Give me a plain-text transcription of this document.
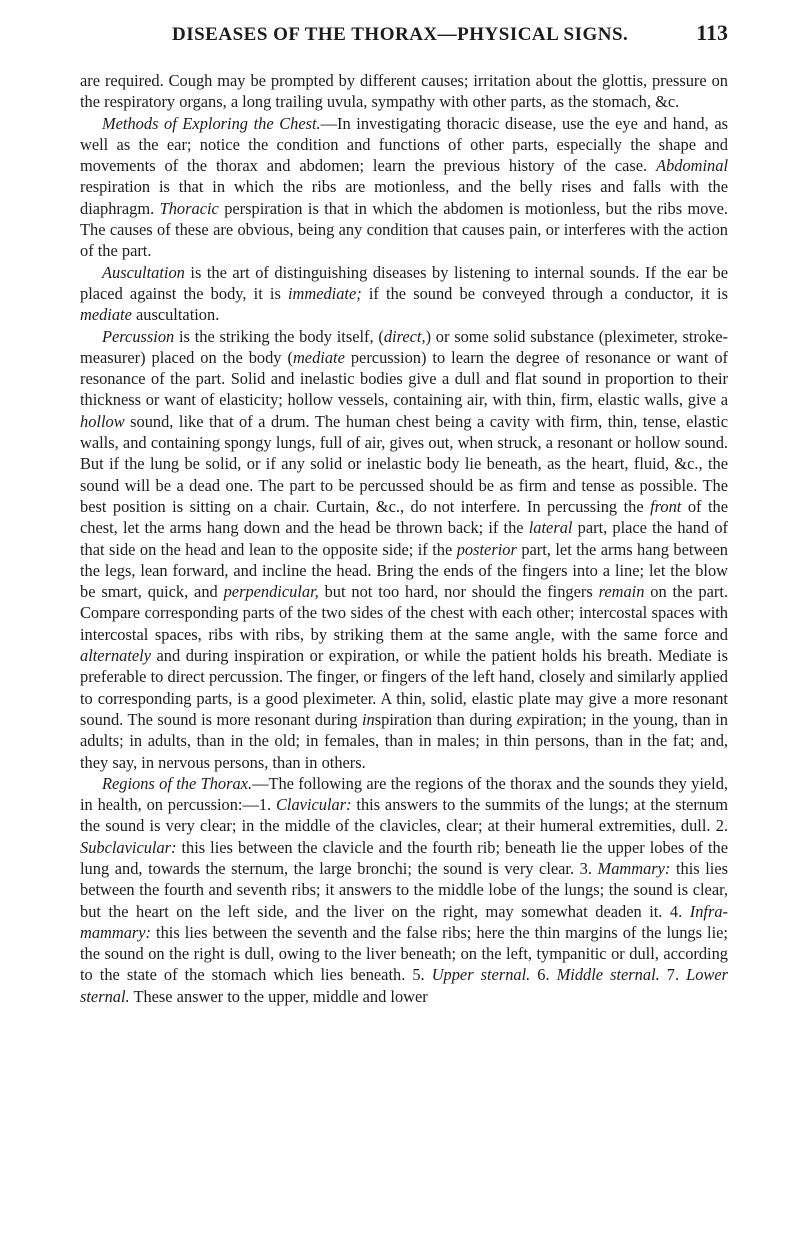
DISEASES OF THE THORAX—PHYSICAL SIGNS.	113

are required. Cough may be prompted by different causes; irritation about the glottis, pressure on the respiratory organs, a long trailing uvula, sympathy with other parts, as the stomach, &c.

Methods of Exploring the Chest.—In investigating thoracic disease, use the eye and hand, as well as the ear; notice the condition and functions of other parts, especially the shape and movements of the thorax and abdomen; learn the previous history of the case. Abdominal respiration is that in which the ribs are motionless, and the belly rises and falls with the diaphragm. Thoracic perspiration is that in which the abdomen is motionless, but the ribs move. The causes of these are obvious, being any condition that causes pain, or interferes with the action of the part.

Auscultation is the art of distinguishing diseases by listening to internal sounds. If the ear be placed against the body, it is immediate; if the sound be conveyed through a conductor, it is mediate auscultation.

Percussion is the striking the body itself, (direct,) or some solid substance (pleximeter, stroke-measurer) placed on the body (mediate percussion) to learn the degree of resonance or want of resonance of the part. Solid and inelastic bodies give a dull and flat sound in proportion to their thickness or want of elasticity; hollow vessels, containing air, with thin, firm, elastic walls, give a hollow sound, like that of a drum. The human chest being a cavity with firm, thin, tense, elastic walls, and containing spongy lungs, full of air, gives out, when struck, a resonant or hollow sound. But if the lung be solid, or if any solid or inelastic body lie beneath, as the heart, fluid, &c., the sound will be a dead one. The part to be percussed should be as firm and tense as possible. The best position is sitting on a chair. Curtain, &c., do not interfere. In percussing the front of the chest, let the arms hang down and the head be thrown back; if the lateral part, place the hand of that side on the head and lean to the opposite side; if the posterior part, let the arms hang between the legs, lean forward, and incline the head. Bring the ends of the fingers into a line; let the blow be smart, quick, and perpendicular, but not too hard, nor should the fingers remain on the part. Compare corresponding parts of the two sides of the chest with each other; intercostal spaces with intercostal spaces, ribs with ribs, by striking them at the same angle, with the same force and alternately and during inspiration or expiration, or while the patient holds his breath. Mediate is preferable to direct percussion. The finger, or fingers of the left hand, closely and similarly applied to corresponding parts, is a good pleximeter. A thin, solid, elastic plate may give a more resonant sound. The sound is more resonant during inspiration than during expiration; in the young, than in adults; in adults, than in the old; in females, than in males; in thin persons, than in the fat; and, they say, in nervous persons, than in others.

Regions of the Thorax.—The following are the regions of the thorax and the sounds they yield, in health, on percussion:—1. Clavicular: this answers to the summits of the lungs; at the sternum the sound is very clear; in the middle of the clavicles, clear; at their humeral extremities, dull. 2. Subclavicular: this lies between the clavicle and the fourth rib; beneath lie the upper lobes of the lung and, towards the sternum, the large bronchi; the sound is very clear. 3. Mammary: this lies between the fourth and seventh ribs; it answers to the middle lobe of the lungs; the sound is clear, but the heart on the left side, and the liver on the right, may somewhat deaden it. 4. Infra-mammary: this lies between the seventh and the false ribs; here the thin margins of the lungs lie; the sound on the right is dull, owing to the liver beneath; on the left, tympanitic or dull, according to the state of the stomach which lies beneath. 5. Upper sternal. 6. Middle sternal. 7. Lower sternal. These answer to the upper, middle and lower
